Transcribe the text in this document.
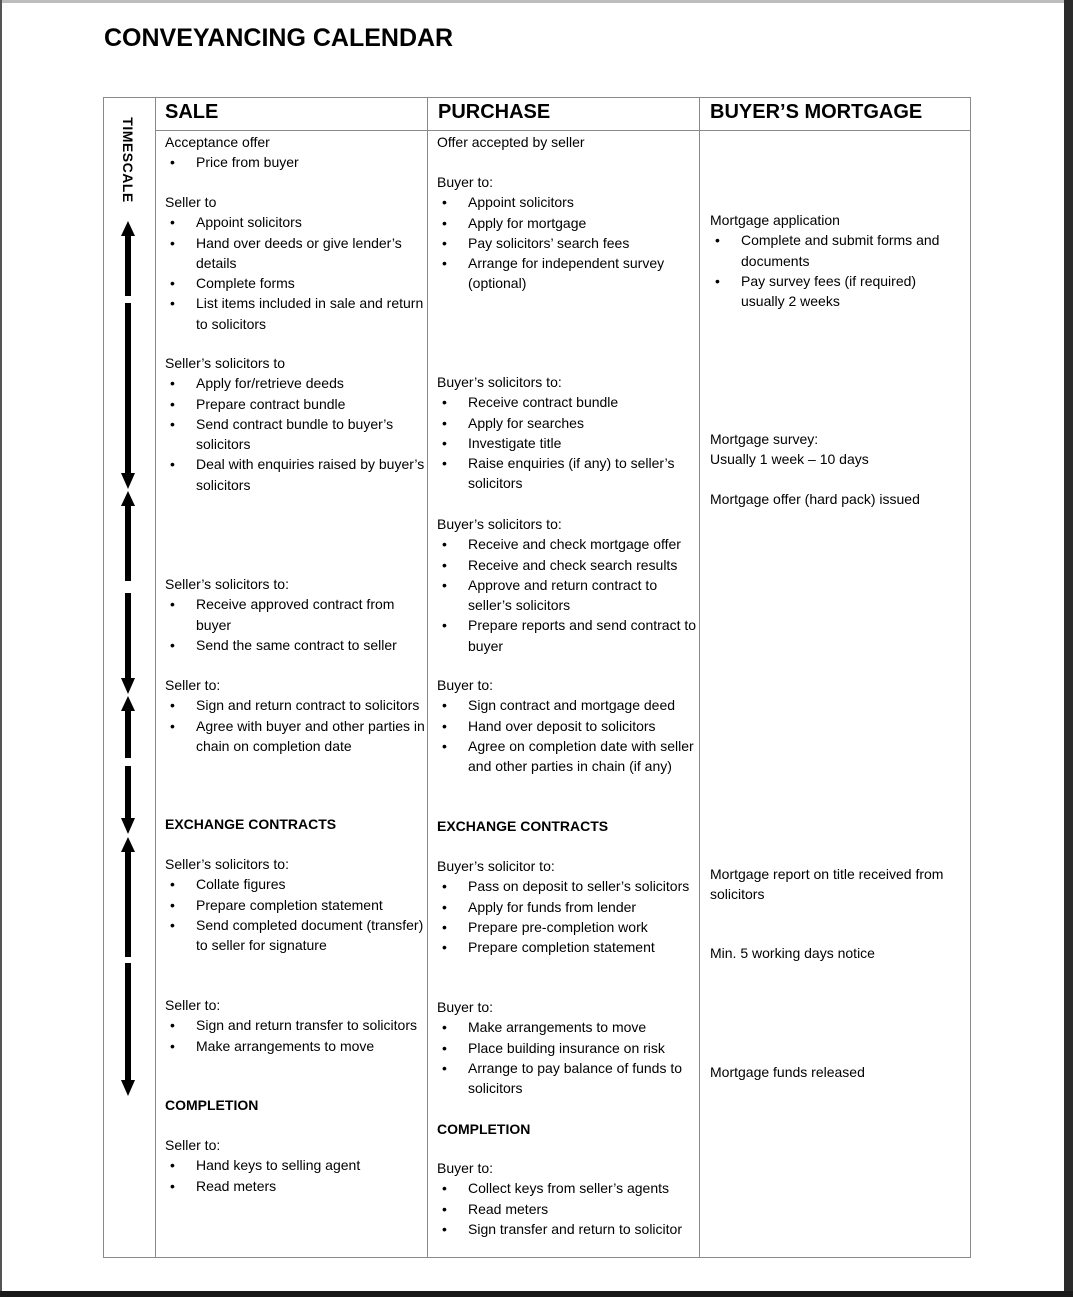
CONVEYANCING CALENDAR
SALE	PURCHASE	BUYER’S MORTGAGE
TIMESCALE Acceptance offer

• Price from buyer

Seller to

• Appoint solicitors
• Hand over deeds or give lender’s details
• Complete forms
• List items included in sale and return to solicitors

Seller’s solicitors to

• Apply for/retrieve deeds
• Prepare contract bundle
• Send contract bundle to buyer’s solicitors
• Deal with enquiries raised by buyer’s solicitors

Seller’s solicitors to:

• Receive approved contract from buyer
• Send the same contract to seller

Seller to:

• Sign and return contract to solicitors
• Agree with buyer and other parties in chain on completion date

EXCHANGE CONTRACTS

Seller’s solicitors to:

• Collate figures
• Prepare completion statement
• Send completed document (transfer) to seller for signature

Seller to:

• Sign and return transfer to solicitors
• Make arrangements to move

COMPLETION

Seller to:

• Hand keys to selling agent
• Read meters

Offer accepted by seller

Buyer to:

• Appoint solicitors
• Apply for mortgage
• Pay solicitors’ search fees
• Arrange for independent survey (optional)

Buyer’s solicitors to:

• Receive contract bundle
• Apply for searches
• Investigate title
• Raise enquiries (if any) to seller’s solicitors

Buyer’s solicitors to:

• Receive and check mortgage offer
• Receive and check search results
• Approve and return contract to seller’s solicitors
• Prepare reports and send contract to buyer

Buyer to:

• Sign contract and mortgage deed
• Hand over deposit to solicitors
• Agree on completion date with seller and other parties in chain (if any)

EXCHANGE CONTRACTS

Buyer’s solicitor to:

• Pass on deposit to seller’s solicitors
• Apply for funds from lender
• Prepare pre-completion work
• Prepare completion statement

Buyer to:

• Make arrangements to move
• Place building insurance on risk
• Arrange to pay balance of funds to solicitors

COMPLETION

Buyer to:

• Collect keys from seller’s agents
• Read meters
• Sign transfer and return to solicitor

Mortgage application

• Complete and submit forms and documents
• Pay survey fees (if required) usually 2 weeks

Mortgage survey:

Usually 1 week – 10 days

Mortgage offer (hard pack) issued

Mortgage report on title received from solicitors

Min. 5 working days notice

Mortgage funds released
